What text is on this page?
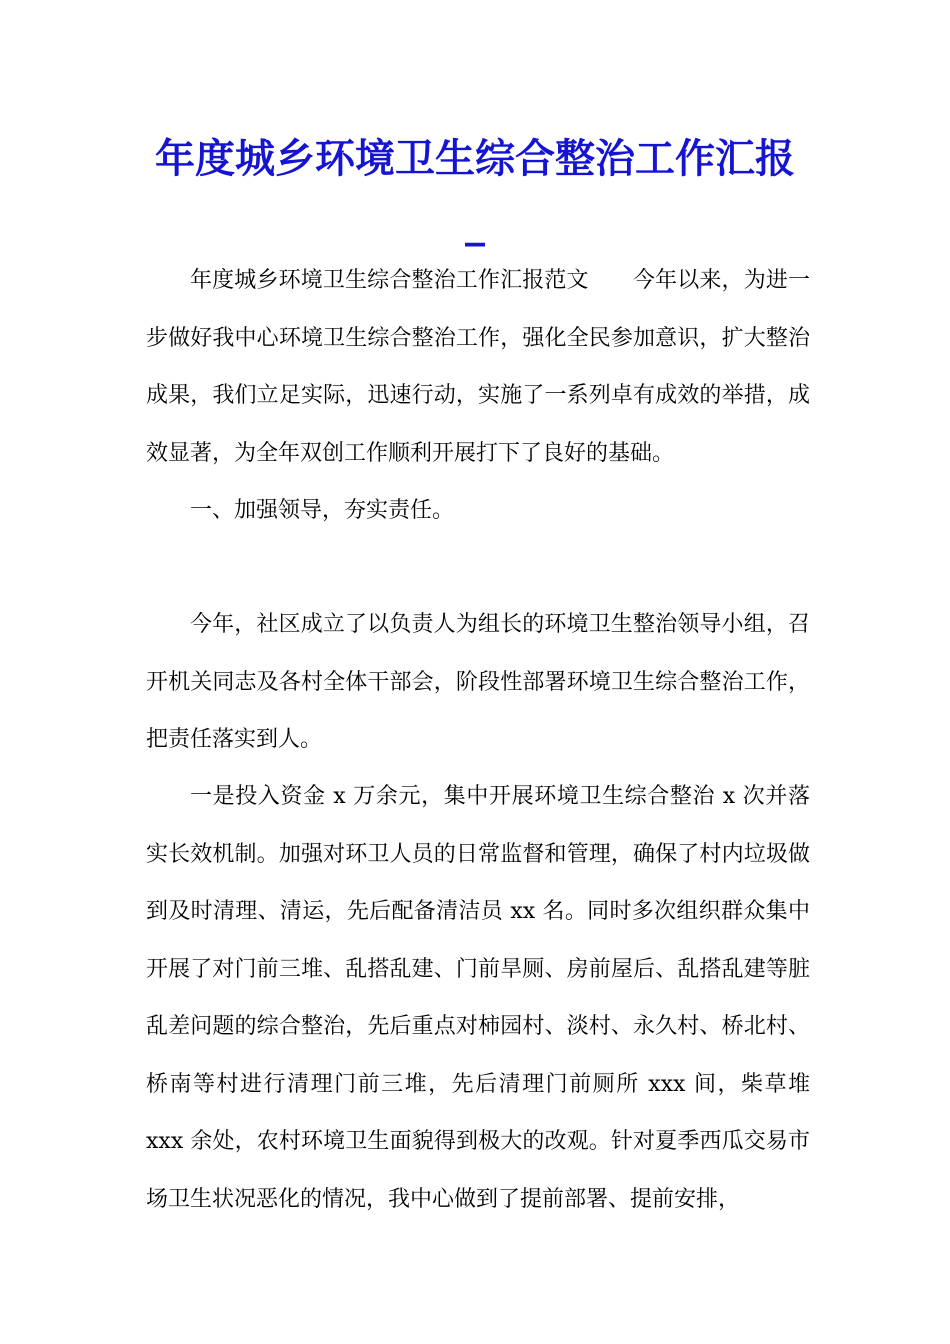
年度城乡环境卫生综合整治工作汇报_

年度城乡环境卫生综合整治工作汇报范文　　今年以来，为进一步做好我中心环境卫生综合整治工作，强化全民参加意识，扩大整治成果，我们立足实际，迅速行动，实施了一系列卓有成效的举措，成效显著，为全年双创工作顺利开展打下了良好的基础。

一、加强领导，夯实责任。

今年，社区成立了以负责人为组长的环境卫生整治领导小组，召开机关同志及各村全体干部会，阶段性部署环境卫生综合整治工作，把责任落实到人。

一是投入资金 x 万余元，集中开展环境卫生综合整治 x 次并落实长效机制。加强对环卫人员的日常监督和管理，确保了村内垃圾做到及时清理、清运，先后配备清洁员 xx 名。同时多次组织群众集中开展了对门前三堆、乱搭乱建、门前旱厕、房前屋后、乱搭乱建等脏乱差问题的综合整治，先后重点对柿园村、淡村、永久村、桥北村、桥南等村进行清理门前三堆，先后清理门前厕所 xxx 间，柴草堆 xxx 余处，农村环境卫生面貌得到极大的改观。针对夏季西瓜交易市场卫生状况恶化的情况，我中心做到了提前部署、提前安排，
